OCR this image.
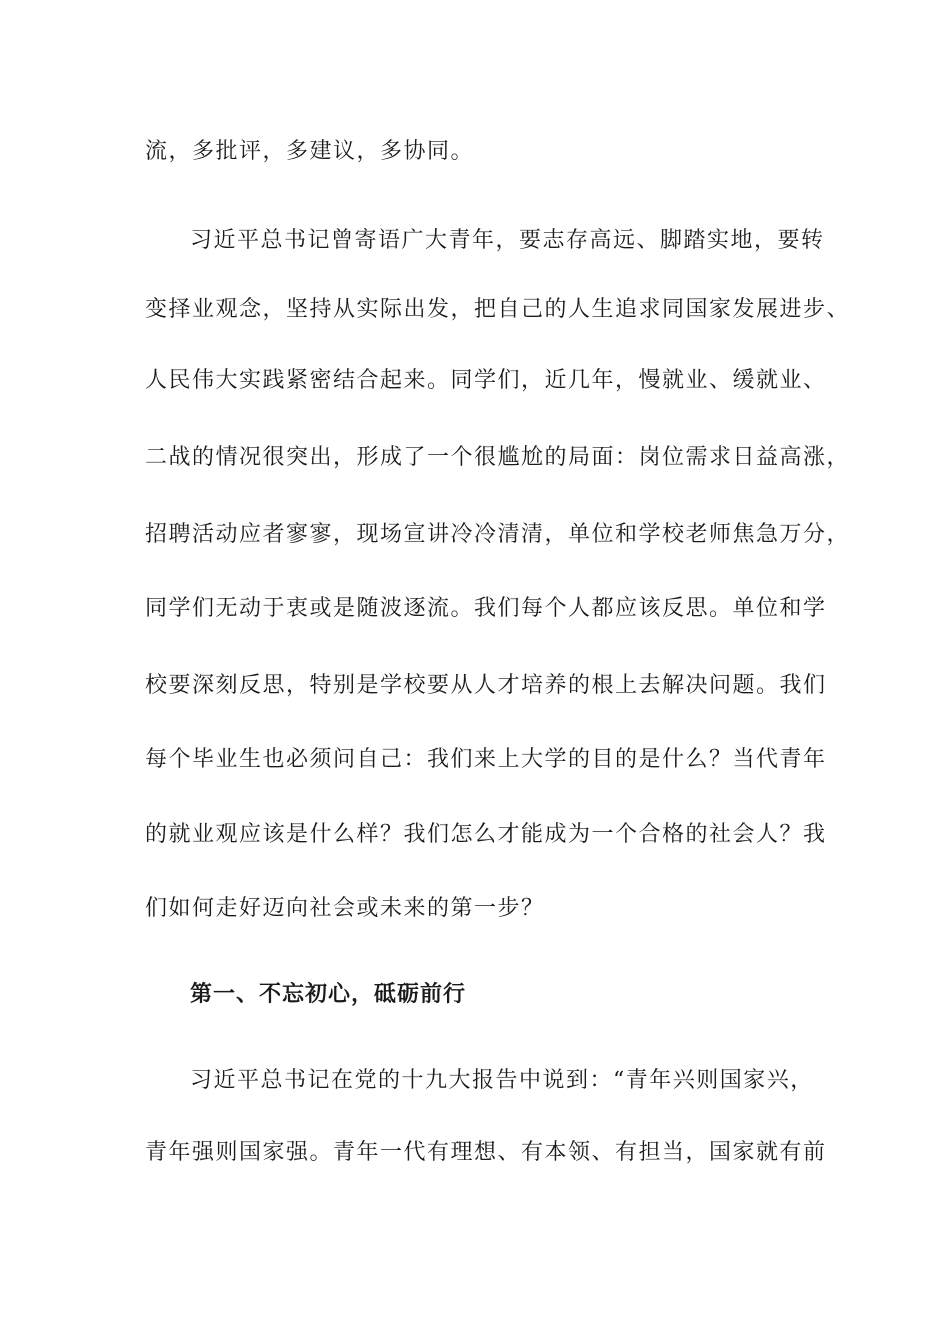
流，多批评，多建议，多协同。
习近平总书记曾寄语广大青年，要志存高远、脚踏实地，要转
变择业观念，坚持从实际出发，把自己的人生追求同国家发展进步、
人民伟大实践紧密结合起来。同学们，近几年，慢就业、缓就业、
二战的情况很突出，形成了一个很尴尬的局面：岗位需求日益高涨，
招聘活动应者寥寥，现场宣讲冷冷清清，单位和学校老师焦急万分，
同学们无动于衷或是随波逐流。我们每个人都应该反思。单位和学
校要深刻反思，特别是学校要从人才培养的根上去解决问题。我们
每个毕业生也必须问自己：我们来上大学的目的是什么？当代青年
的就业观应该是什么样？我们怎么才能成为一个合格的社会人？我
们如何走好迈向社会或未来的第一步？
第一、不忘初心，砥砺前行
习近平总书记在党的十九大报告中说到：“青年兴则国家兴，
青年强则国家强。青年一代有理想、有本领、有担当，国家就有前
